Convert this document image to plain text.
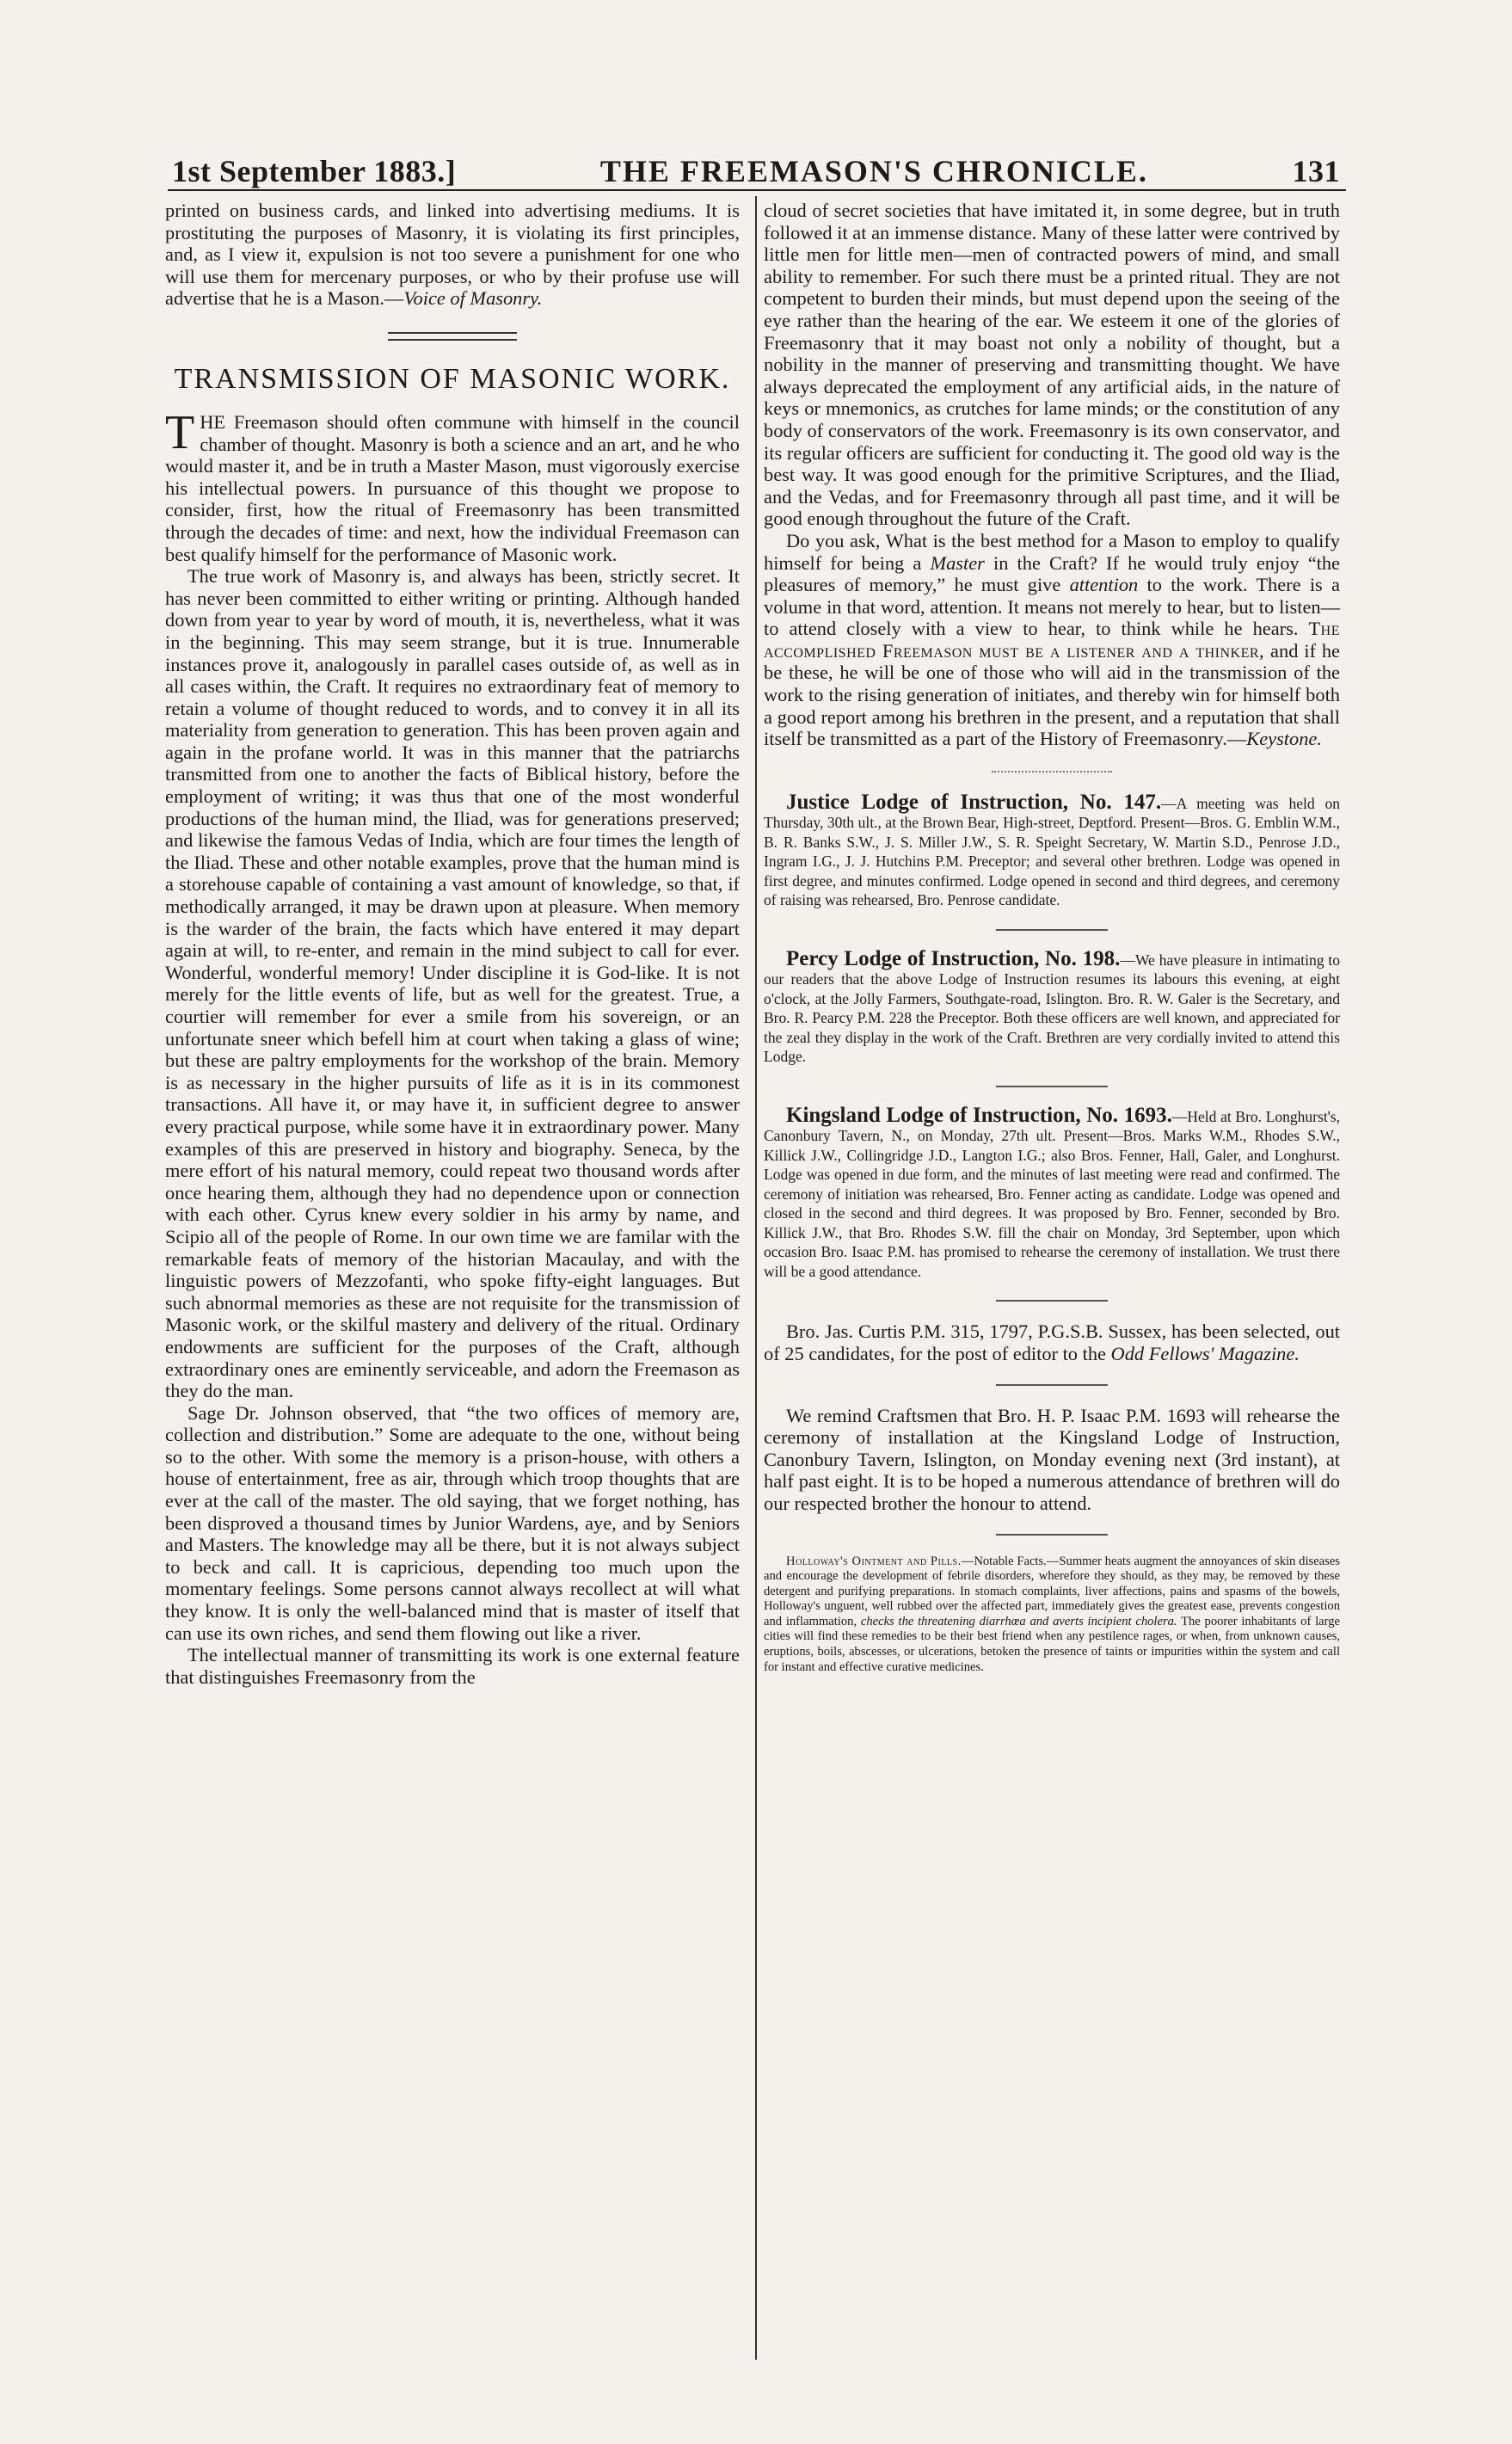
1st September 1883.]	THE FREEMASON'S CHRONICLE.	131

printed on business cards, and linked into advertising mediums. It is prostituting the purposes of Masonry, it is violating its first principles, and, as I view it, expulsion is not too severe a punishment for one who will use them for mercenary purposes, or who by their profuse use will advertise that he is a Mason.—Voice of Masonry.

TRANSMISSION OF MASONIC WORK.

THE Freemason should often commune with himself in the council chamber of thought. Masonry is both a science and an art, and he who would master it, and be in truth a Master Mason, must vigorously exercise his intellectual powers. In pursuance of this thought we propose to consider, first, how the ritual of Freemasonry has been transmitted through the decades of time: and next, how the individual Freemason can best qualify himself for the performance of Masonic work.

The true work of Masonry is, and always has been, strictly secret. It has never been committed to either writing or printing. Although handed down from year to year by word of mouth, it is, nevertheless, what it was in the beginning. This may seem strange, but it is true. Innumerable instances prove it, analogously in parallel cases outside of, as well as in all cases within, the Craft. It requires no extraordinary feat of memory to retain a volume of thought reduced to words, and to convey it in all its materiality from generation to generation. This has been proven again and again in the profane world. It was in this manner that the patriarchs transmitted from one to another the facts of Biblical history, before the employment of writing; it was thus that one of the most wonderful productions of the human mind, the Iliad, was for generations preserved; and likewise the famous Vedas of India, which are four times the length of the Iliad. These and other notable examples, prove that the human mind is a storehouse capable of containing a vast amount of knowledge, so that, if methodically arranged, it may be drawn upon at pleasure. When memory is the warder of the brain, the facts which have entered it may depart again at will, to re-enter, and remain in the mind subject to call for ever. Wonderful, wonderful memory! Under discipline it is God-like. It is not merely for the little events of life, but as well for the greatest. True, a courtier will remember for ever a smile from his sovereign, or an unfortunate sneer which befell him at court when taking a glass of wine; but these are paltry employments for the workshop of the brain. Memory is as necessary in the higher pursuits of life as it is in its commonest transactions. All have it, or may have it, in sufficient degree to answer every practical purpose, while some have it in extraordinary power. Many examples of this are preserved in history and biography. Seneca, by the mere effort of his natural memory, could repeat two thousand words after once hearing them, although they had no dependence upon or connection with each other. Cyrus knew every soldier in his army by name, and Scipio all of the people of Rome. In our own time we are familar with the remarkable feats of memory of the historian Macaulay, and with the linguistic powers of Mezzofanti, who spoke fifty-eight languages. But such abnormal memories as these are not requisite for the transmission of Masonic work, or the skilful mastery and delivery of the ritual. Ordinary endowments are sufficient for the purposes of the Craft, although extraordinary ones are eminently serviceable, and adorn the Freemason as they do the man.

Sage Dr. Johnson observed, that “the two offices of memory are, collection and distribution.” Some are adequate to the one, without being so to the other. With some the memory is a prison-house, with others a house of entertainment, free as air, through which troop thoughts that are ever at the call of the master. The old saying, that we forget nothing, has been disproved a thousand times by Junior Wardens, aye, and by Seniors and Masters. The knowledge may all be there, but it is not always subject to beck and call. It is capricious, depending too much upon the momentary feelings. Some persons cannot always recollect at will what they know. It is only the well-balanced mind that is master of itself that can use its own riches, and send them flowing out like a river.

The intellectual manner of transmitting its work is one external feature that distinguishes Freemasonry from the

cloud of secret societies that have imitated it, in some degree, but in truth followed it at an immense distance. Many of these latter were contrived by little men for little men—men of contracted powers of mind, and small ability to remember. For such there must be a printed ritual. They are not competent to burden their minds, but must depend upon the seeing of the eye rather than the hearing of the ear. We esteem it one of the glories of Freemasonry that it may boast not only a nobility of thought, but a nobility in the manner of preserving and transmitting thought. We have always deprecated the employment of any artificial aids, in the nature of keys or mnemonics, as crutches for lame minds; or the constitution of any body of conservators of the work. Freemasonry is its own conservator, and its regular officers are sufficient for conducting it. The good old way is the best way. It was good enough for the primitive Scriptures, and the Iliad, and the Vedas, and for Freemasonry through all past time, and it will be good enough throughout the future of the Craft.

Do you ask, What is the best method for a Mason to employ to qualify himself for being a Master in the Craft? If he would truly enjoy “the pleasures of memory,” he must give attention to the work. There is a volume in that word, attention. It means not merely to hear, but to listen—to attend closely with a view to hear, to think while he hears. The accomplished Freemason must be a listener and a thinker, and if he be these, he will be one of those who will aid in the transmission of the work to the rising generation of initiates, and thereby win for himself both a good report among his brethren in the present, and a reputation that shall itself be transmitted as a part of the History of Freemasonry.—Keystone.

Justice Lodge of Instruction, No. 147.—A meeting was held on Thursday, 30th ult., at the Brown Bear, High-street, Deptford. Present—Bros. G. Emblin W.M., B. R. Banks S.W., J. S. Miller J.W., S. R. Speight Secretary, W. Martin S.D., Penrose J.D., Ingram I.G., J. J. Hutchins P.M. Preceptor; and several other brethren. Lodge was opened in first degree, and minutes confirmed. Lodge opened in second and third degrees, and ceremony of raising was rehearsed, Bro. Penrose candidate.

Percy Lodge of Instruction, No. 198.—We have pleasure in intimating to our readers that the above Lodge of Instruction resumes its labours this evening, at eight o'clock, at the Jolly Farmers, Southgate-road, Islington. Bro. R. W. Galer is the Secretary, and Bro. R. Pearcy P.M. 228 the Preceptor. Both these officers are well known, and appreciated for the zeal they display in the work of the Craft. Brethren are very cordially invited to attend this Lodge.

Kingsland Lodge of Instruction, No. 1693.—Held at Bro. Longhurst's, Canonbury Tavern, N., on Monday, 27th ult. Present—Bros. Marks W.M., Rhodes S.W., Killick J.W., Collingridge J.D., Langton I.G.; also Bros. Fenner, Hall, Galer, and Longhurst. Lodge was opened in due form, and the minutes of last meeting were read and confirmed. The ceremony of initiation was rehearsed, Bro. Fenner acting as candidate. Lodge was opened and closed in the second and third degrees. It was proposed by Bro. Fenner, seconded by Bro. Killick J.W., that Bro. Rhodes S.W. fill the chair on Monday, 3rd September, upon which occasion Bro. Isaac P.M. has promised to rehearse the ceremony of installation. We trust there will be a good attendance.

Bro. Jas. Curtis P.M. 315, 1797, P.G.S.B. Sussex, has been selected, out of 25 candidates, for the post of editor to the Odd Fellows' Magazine.

We remind Craftsmen that Bro. H. P. Isaac P.M. 1693 will rehearse the ceremony of installation at the Kingsland Lodge of Instruction, Canonbury Tavern, Islington, on Monday evening next (3rd instant), at half past eight. It is to be hoped a numerous attendance of brethren will do our respected brother the honour to attend.

Holloway's Ointment and Pills.—Notable Facts.—Summer heats augment the annoyances of skin diseases and encourage the development of febrile disorders, wherefore they should, as they may, be removed by these detergent and purifying preparations. In stomach complaints, liver affections, pains and spasms of the bowels, Holloway's unguent, well rubbed over the affected part, immediately gives the greatest ease, prevents congestion and inflammation, checks the threatening diarrhœa and averts incipient cholera. The poorer inhabitants of large cities will find these remedies to be their best friend when any pestilence rages, or when, from unknown causes, eruptions, boils, abscesses, or ulcerations, betoken the presence of taints or impurities within the system and call for instant and effective curative medicines.
